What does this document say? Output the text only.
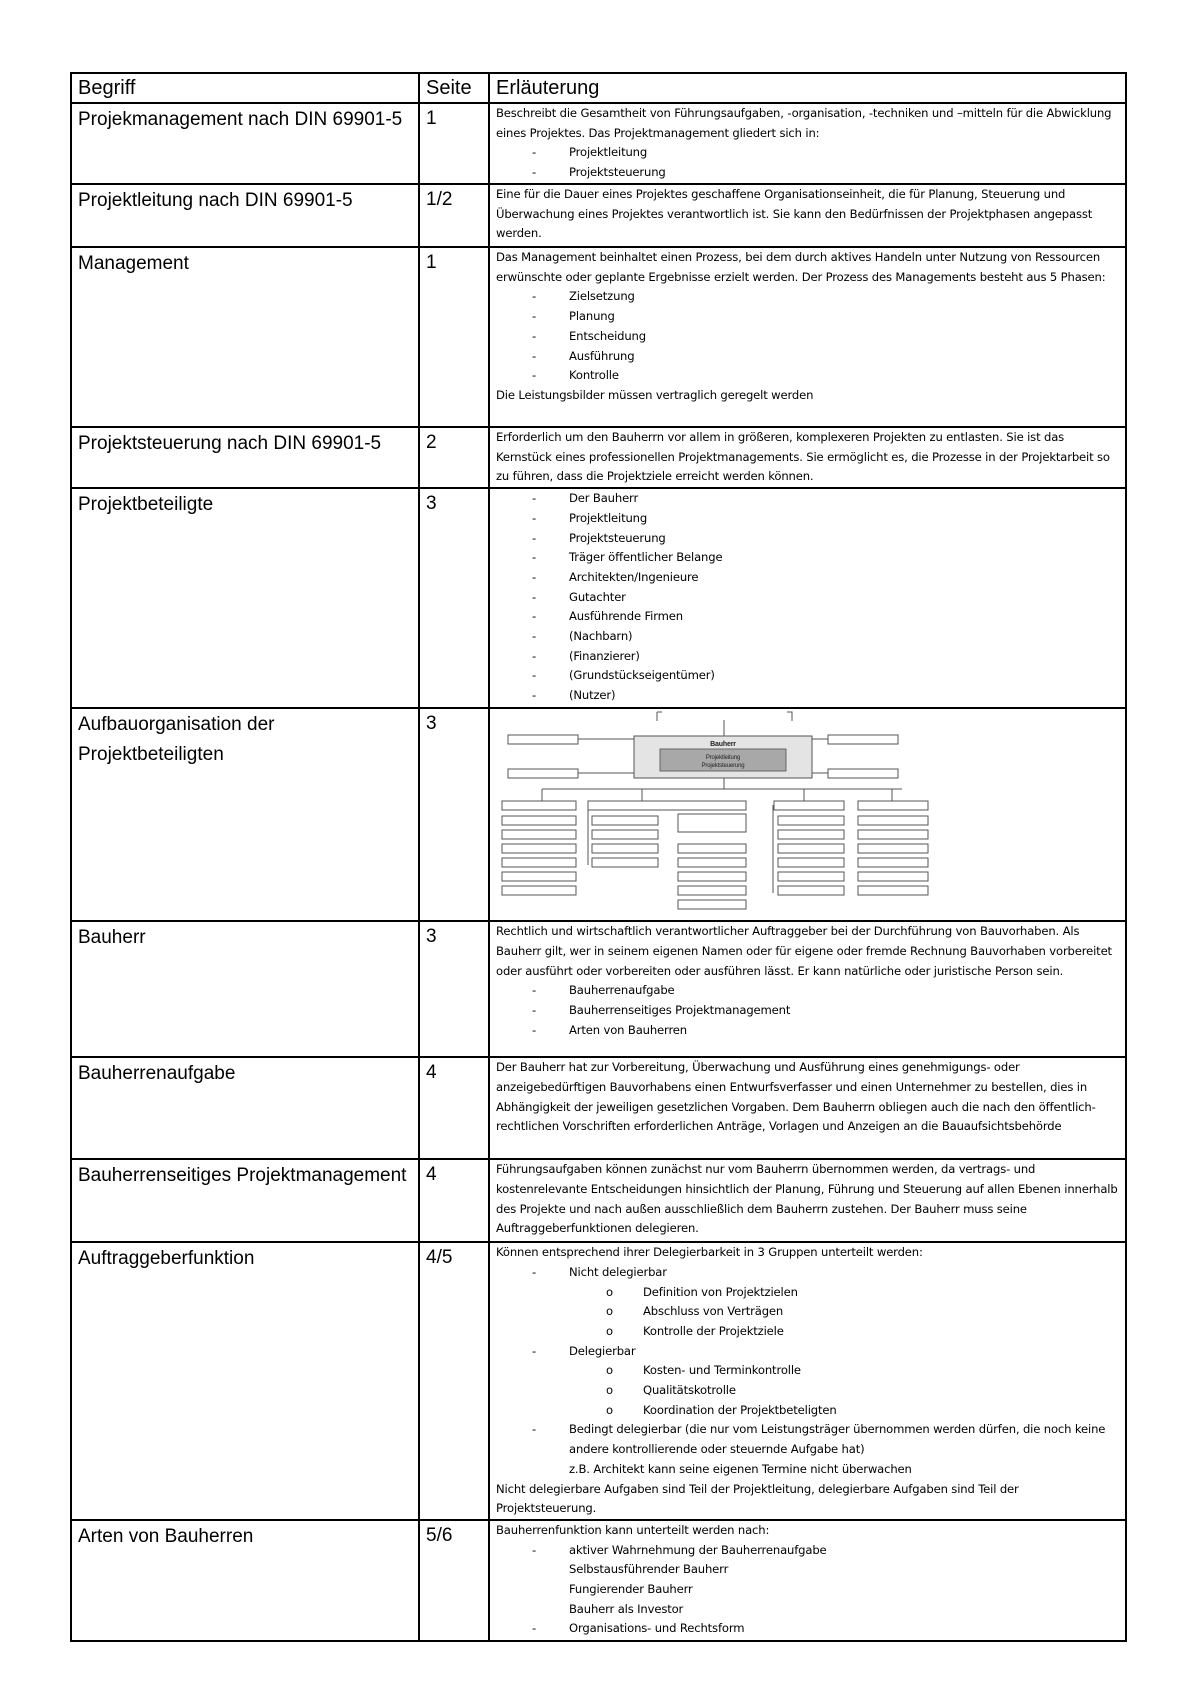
Begriff	Seite	Erläuterung
Projekmanagement nach DIN 69901-5	1	Beschreibt die Gesamtheit von Führungsaufgaben, -organisation, -techniken und –mitteln für die Abwicklung eines Projektes. Das Projektmanagement gliedert sich in:

- Projektleitung
- Projektsteuerung

Projektleitung nach DIN 69901-5	1/2	Eine für die Dauer eines Projektes geschaffene Organisationseinheit, die für Planung, Steuerung und Überwachung eines Projektes verantwortlich ist. Sie kann den Bedürfnissen der Projektphasen angepasst werden.

Management	1	Das Management beinhaltet einen Prozess, bei dem durch aktives Handeln unter Nutzung von Ressourcen erwünschte oder geplante Ergebnisse erzielt werden. Der Prozess des Managements besteht aus 5 Phasen:

- Zielsetzung
- Planung
- Entscheidung
- Ausführung
- Kontrolle

Die Leistungsbilder müssen vertraglich geregelt werden

Projektsteuerung nach DIN 69901-5	2	Erforderlich um den Bauherrn vor allem in größeren, komplexeren Projekten zu entlasten. Sie ist das Kernstück eines professionellen Projektmanagements. Sie ermöglicht es, die Prozesse in der Projektarbeit so zu führen, dass die Projektziele erreicht werden können.

Projektbeteiligte	3	
-Der Bauherr
- Projektleitung
- Projektsteuerung
- Träger öffentlicher Belange
- Architekten/Ingenieure
- Gutachter
- Ausführende Firmen
- (Nachbarn)
- (Finanzierer)
- (Grundstückseigentümer)
- (Nutzer)

Aufbauorganisation der Projektbeteiligten	3	Bauherr
Projektleitung
Projektsteuerung

Bauherr	3	Rechtlich und wirtschaftlich verantwortlicher Auftraggeber bei der Durchführung von Bauvorhaben. Als Bauherr gilt, wer in seinem eigenen Namen oder für eigene oder fremde Rechnung Bauvorhaben vorbereitet oder ausführt oder vorbereiten oder ausführen lässt. Er kann natürliche oder juristische Person sein.

- Bauherrenaufgabe
- Bauherrenseitiges Projektmanagement
- Arten von Bauherren

Bauherrenaufgabe	4	Der Bauherr hat zur Vorbereitung, Überwachung und Ausführung eines genehmigungs- oder anzeigebedürftigen Bauvorhabens einen Entwurfsverfasser und einen Unternehmer zu bestellen, dies in Abhängigkeit der jeweiligen gesetzlichen Vorgaben. Dem Bauherrn obliegen auch die nach den öffentlich-rechtlichen Vorschriften erforderlichen Anträge, Vorlagen und Anzeigen an die Bauaufsichtsbehörde

Bauherrenseitiges Projektmanagement	4	Führungsaufgaben können zunächst nur vom Bauherrn übernommen werden, da vertrags- und kostenrelevante Entscheidungen hinsichtlich der Planung, Führung und Steuerung auf allen Ebenen innerhalb des Projekte und nach außen ausschließlich dem Bauherrn zustehen. Der Bauherr muss seine Auftraggeberfunktionen delegieren.

Auftraggeberfunktion	4/5	Können entsprechend ihrer Delegierbarkeit in 3 Gruppen unterteilt werden:

- Nicht delegierbar
o Definition von Projektzielen
o Abschluss von Verträgen
o Kontrolle der Projektziele
- Delegierbar
o Kosten- und Terminkontrolle
o Qualitätskotrolle
o Koordination der Projektbeteligten
- Bedingt delegierbar (die nur vom Leistungsträger übernommen werden dürfen, die noch keine andere kontrollierende oder steuernde Aufgabe hat)
z.B. Architekt kann seine eigenen Termine nicht überwachen

Nicht delegierbare Aufgaben sind Teil der Projektleitung, delegierbare Aufgaben sind Teil der Projektsteuerung.

Arten von Bauherren	5/6	Bauherrenfunktion kann unterteilt werden nach:

- aktiver Wahrnehmung der Bauherrenaufgabe
Selbstausführender Bauherr
Fungierender Bauherr
Bauherr als Investor
- Organisations- und Rechtsform
